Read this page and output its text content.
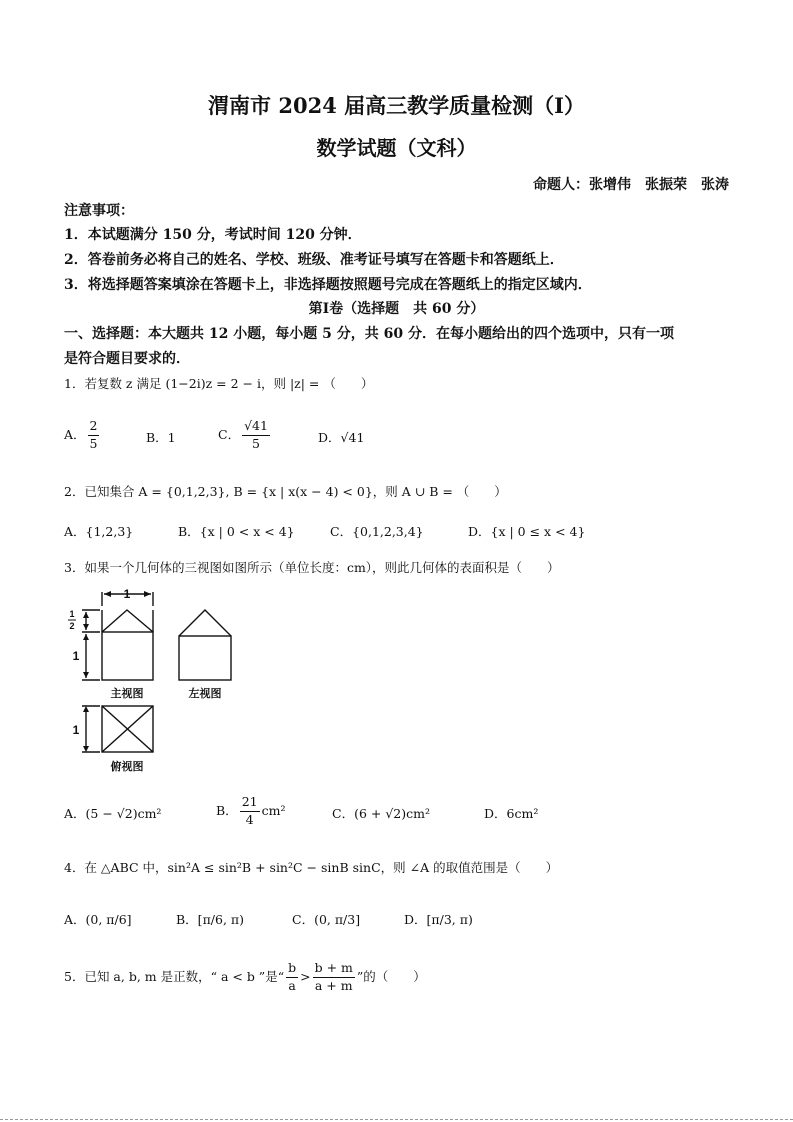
渭南市 2024 届高三教学质量检测（Ⅰ）
数学试题（文科）
命题人：张增伟　张振荣　张涛
注意事项：
1．本试题满分 150 分，考试时间 120 分钟．
2．答卷前务必将自己的姓名、学校、班级、准考证号填写在答题卡和答题纸上．
3．将选择题答案填涂在答题卡上，非选择题按照题号完成在答题纸上的指定区域内．
第Ⅰ卷（选择题　共 60 分）
一、选择题：本大题共 12 小题，每小题 5 分，共 60 分．在每小题给出的四个选项中，只有一项
是符合题目要求的．
1．若复数 z 满足 (1−2i)z = 2 − i，则 |z| = （　　）
A． $\frac{2}{5}$	B．1	C． $\frac{√41}{5}$	D．√41
2．已知集合 A = {0,1,2,3}, B = {x | x(x − 4) < 0}，则 A ∪ B = （　　）
A．{1,2,3}	B．{x | 0 < x < 4}	C．{0,1,2,3,4}	D．{x | 0 ≤ x < 4}
3．如果一个几何体的三视图如图所示（单位长度：cm），则此几何体的表面积是（　　）
1
1
2
1
主视图	左视图
1
俯视图
A．(5 − √2)cm²	B． $\frac{21}{4} cm^2$	C．(6 + √2)cm²	D．6cm²
4．在 △ABC 中，sin²A ≤ sin²B + sin²C − sinB sinC，则 ∠A 的取值范围是（　　）
A．(0, π/6]	B．[π/6, π)	C．(0, π/3]	D．[π/3, π)
5．已知 a, b, m 是正数，“ a < b ”是“ $\frac{b}{a} > \frac{b + m}{a + m}$ ”的（　　）
